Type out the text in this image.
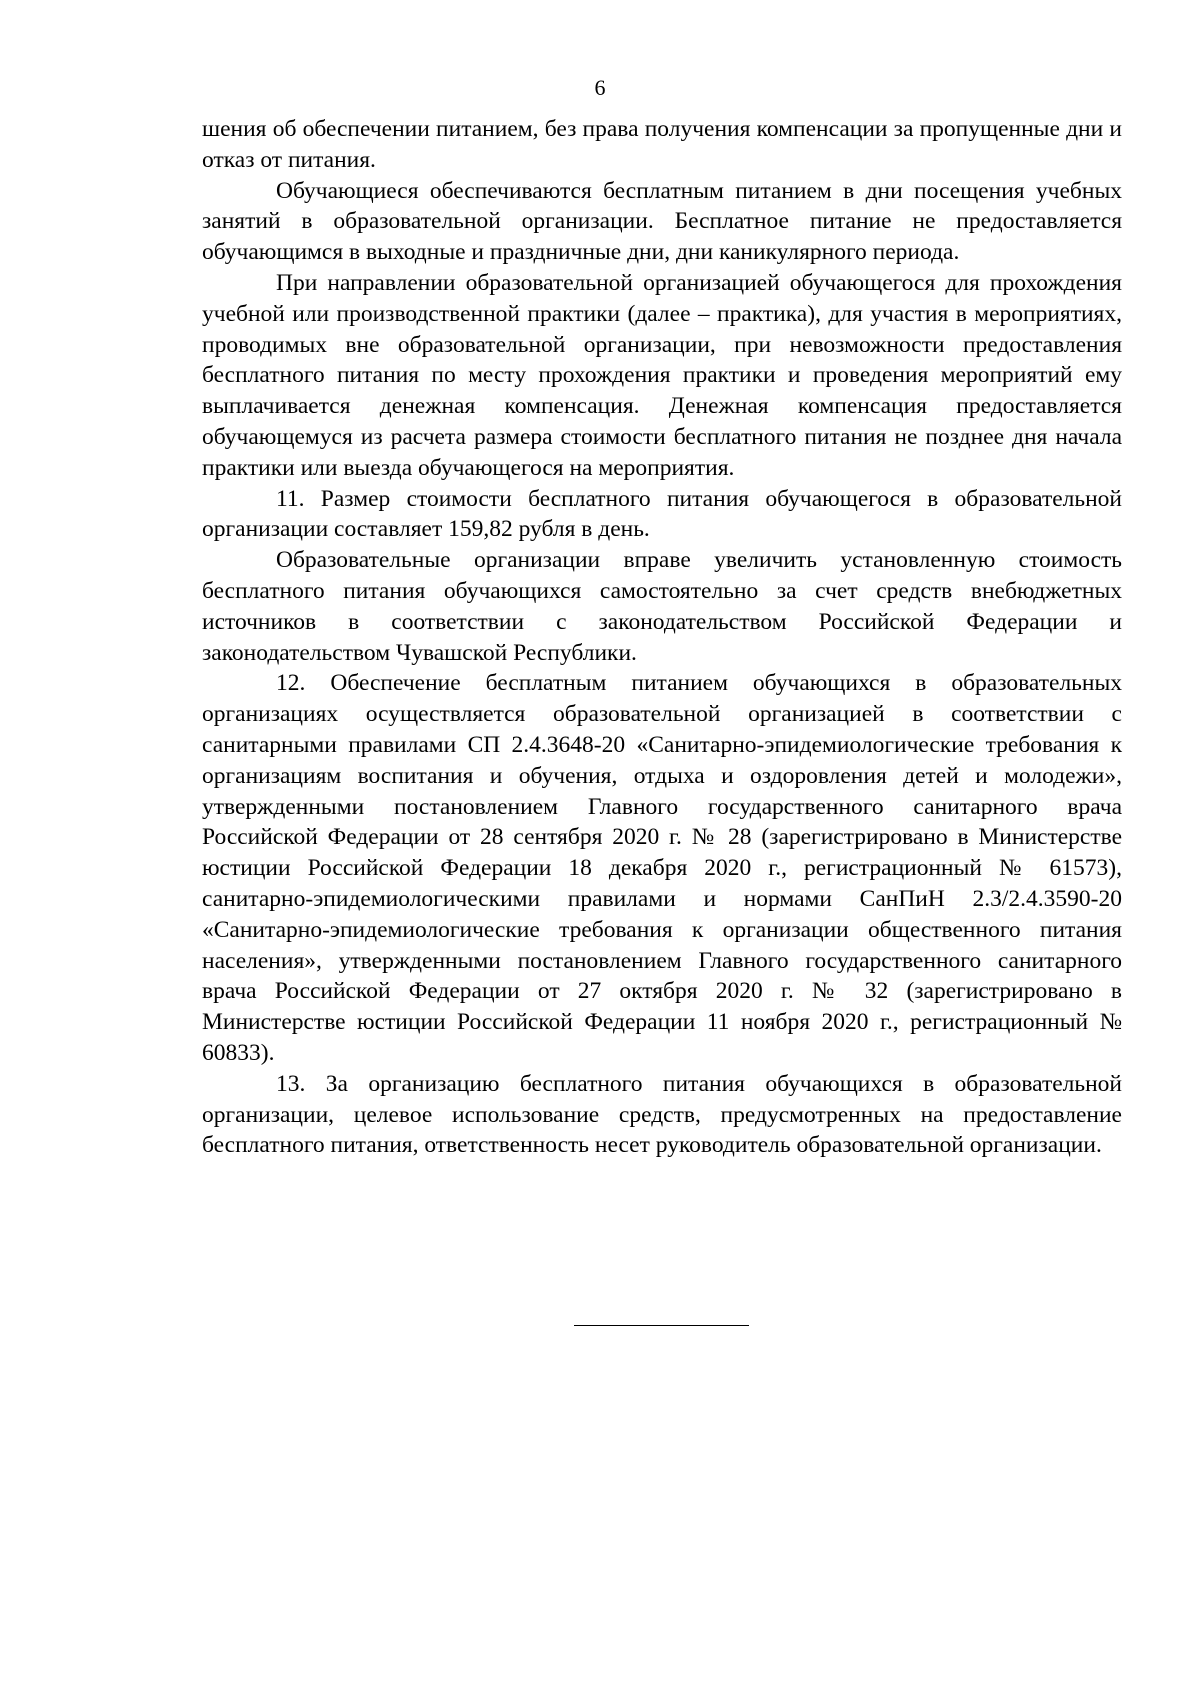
6

шения об обеспечении питанием, без права получения компенсации за пропущенные дни и отказ от питания.

Обучающиеся обеспечиваются бесплатным питанием в дни посещения учебных занятий в образовательной организации. Бесплатное питание не предоставляется обучающимся в выходные и праздничные дни, дни каникулярного периода.

При направлении образовательной организацией обучающегося для прохождения учебной или производственной практики (далее – практика), для участия в мероприятиях, проводимых вне образовательной организации, при невозможности предоставления бесплатного питания по месту прохождения практики и проведения мероприятий ему выплачивается денежная компенсация. Денежная компенсация предоставляется обучающемуся из расчета размера стоимости бесплатного питания не позднее дня начала практики или выезда обучающегося на мероприятия.

11. Размер стоимости бесплатного питания обучающегося в образовательной организации составляет 159,82 рубля в день.

Образовательные организации вправе увеличить установленную стоимость бесплатного питания обучающихся самостоятельно за счет средств внебюджетных источников в соответствии с законодательством Российской Федерации и законодательством Чувашской Республики.

12. Обеспечение бесплатным питанием обучающихся в образовательных организациях осуществляется образовательной организацией в соответствии с санитарными правилами СП 2.4.3648-20 «Санитарно-эпидемиологические требования к организациям воспитания и обучения, отдыха и оздоровления детей и молодежи», утвержденными постановлением Главного государственного санитарного врача Российской Федерации от 28 сентября 2020 г. № 28 (зарегистрировано в Министерстве юстиции Российской Федерации 18 декабря 2020 г., регистрационный № 61573), санитарно-эпидемиологическими правилами и нормами СанПиН 2.3/2.4.3590-20 «Санитарно-эпидемиологические требования к организации общественного питания населения», утвержденными постановлением Главного государственного санитарного врача Российской Федерации от 27 октября 2020 г. № 32 (зарегистрировано в Министерстве юстиции Российской Федерации 11 ноября 2020 г., регистрационный № 60833).

13. За организацию бесплатного питания обучающихся в образовательной организации, целевое использование средств, предусмотренных на предоставление бесплатного питания, ответственность несет руководитель образовательной организации.
